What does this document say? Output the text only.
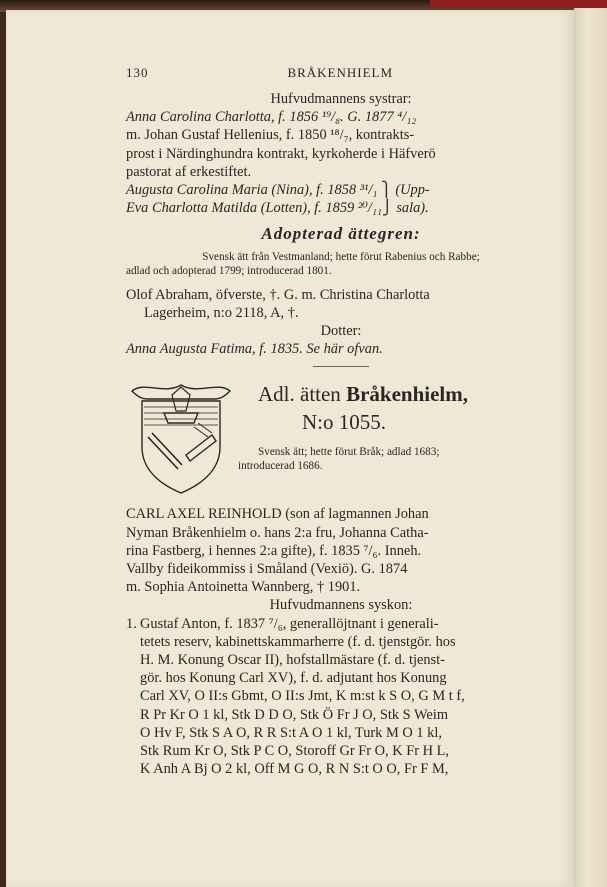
130	BRÅKENHIELM
Hufvudmannens systrar:
Anna Carolina Charlotta, f. 1856 ¹⁹/₈. G. 1877 ⁴/₁₂
m. Johan Gustaf Hellenius, f. 1850 ¹⁸/₇, kontrakts-
prost i Närdinghundra kontrakt, kyrkoherde i Häfverö
pastorat af erkestiftet.
Augusta Carolina Maria (Nina), f. 1858 ³¹/₁ ⎫ (Upp-
Eva Charlotta Matilda (Lotten), f. 1859 ²⁰/₁₁⎭ sala).
Adopterad ättegren:
Svensk ätt från Vestmanland; hette förut Rabenius och Rabbe;
adlad och adopterad 1799; introducerad 1801.
Olof Abraham, öfverste, †. G. m. Christina Charlotta
Lagerheim, n:o 2118, A, †.
Dotter:
Anna Augusta Fatima, f. 1835. Se här ofvan.
Adl. ätten Bråkenhielm,
N:o 1055.
Svensk ätt; hette förut Bråk; adlad 1683;
introducerad 1686.
CARL AXEL REINHOLD (son af lagmannen Johan
Nyman Bråkenhielm o. hans 2:a fru, Johanna Catha-
rina Fastberg, i hennes 2:a gifte), f. 1835 ⁷/₆. Inneh.
Vallby fideikommiss i Småland (Vexiö). G. 1874
m. Sophia Antoinetta Wannberg, † 1901.
Hufvudmannens syskon:
1. Gustaf Anton, f. 1837 ⁷/₆, generallöjtnant i generali-
tetets reserv, kabinettskammarherre (f. d. tjenstgör. hos
H. M. Konung Oscar II), hofstallmästare (f. d. tjenst-
gör. hos Konung Carl XV), f. d. adjutant hos Konung
Carl XV, O II:s Gbmt, O II:s Jmt, K m:st k S O, G M t f,
R Pr Kr O 1 kl, Stk D D O, Stk Ö Fr J O, Stk S Weim
O Hv F, Stk S A O, R R S:t A O 1 kl, Turk M O 1 kl,
Stk Rum Kr O, Stk P C O, Storoff Gr Fr O, K Fr H L,
K Anh A Bj O 2 kl, Off M G O, R N S:t O O, Fr F M,
